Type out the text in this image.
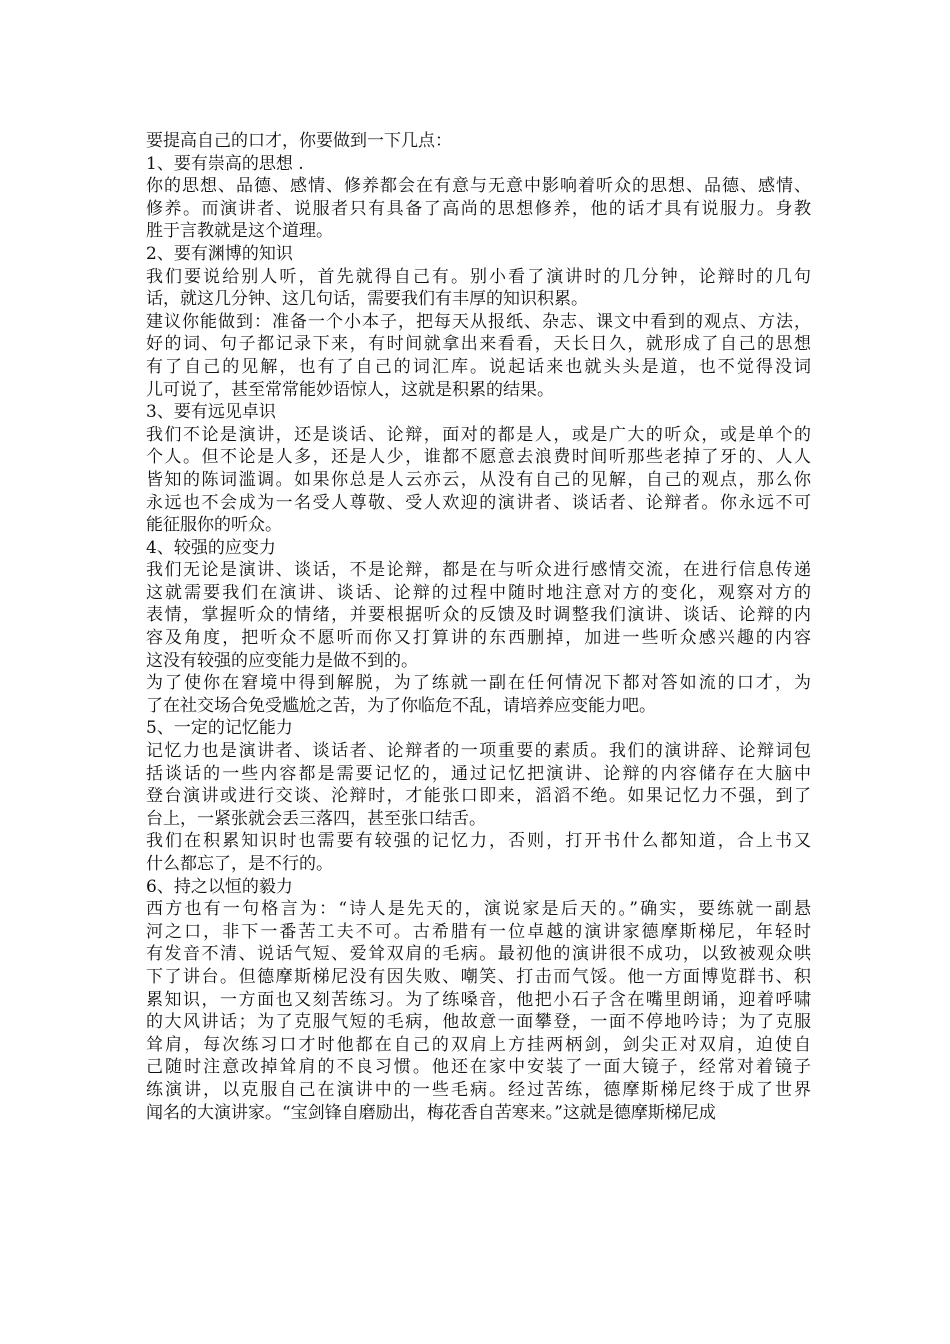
要提高自己的口才，你要做到一下几点：
1、要有崇高的思想 .
你的思想、品德、感情、修养都会在有意与无意中影响着听众的思想、品德、感情、
修养。而演讲者、说服者只有具备了高尚的思想修养，他的话才具有说服力。身教
胜于言教就是这个道理。
2、要有渊博的知识
我们要说给别人听，首先就得自己有。别小看了演讲时的几分钟，论辩时的几句
话，就这几分钟、这几句话，需要我们有丰厚的知识积累。
建议你能做到：准备一个小本子，把每天从报纸、杂志、课文中看到的观点、方法，
好的词、句子都记录下来，有时间就拿出来看看，天长日久，就形成了自己的思想
有了自己的见解，也有了自己的词汇库。说起话来也就头头是道，也不觉得没词
儿可说了，甚至常常能妙语惊人，这就是积累的结果。
3、要有远见卓识
我们不论是演讲，还是谈话、论辩，面对的都是人，或是广大的听众，或是单个的
个人。但不论是人多，还是人少，谁都不愿意去浪费时间听那些老掉了牙的、人人
皆知的陈词滥调。如果你总是人云亦云，从没有自己的见解，自己的观点，那么你
永远也不会成为一名受人尊敬、受人欢迎的演讲者、谈话者、论辩者。你永远不可
能征服你的听众。
4、较强的应变力
我们无论是演讲、谈话，不是论辩，都是在与听众进行感情交流，在进行信息传递
这就需要我们在演讲、谈话、论辩的过程中随时地注意对方的变化，观察对方的
表情，掌握听众的情绪，并要根据听众的反馈及时调整我们演讲、谈话、论辩的内
容及角度，把听众不愿听而你又打算讲的东西删掉，加进一些听众感兴趣的内容
这没有较强的应变能力是做不到的。
为了使你在窘境中得到解脱，为了练就一副在任何情况下都对答如流的口才，为
了在社交场合免受尴尬之苦，为了你临危不乱，请培养应变能力吧。
5、一定的记忆能力
记忆力也是演讲者、谈话者、论辩者的一项重要的素质。我们的演讲辞、论辩词包
括谈话的一些内容都是需要记忆的，通过记忆把演讲、论辩的内容储存在大脑中
登台演讲或进行交谈、沦辩时，才能张口即来，滔滔不绝。如果记忆力不强，到了
台上，一紧张就会丢三落四，甚至张口结舌。
我们在积累知识时也需要有较强的记忆力，否则，打开书什么都知道，合上书又
什么都忘了，是不行的。
6、持之以恒的毅力
西方也有一句格言为：“诗人是先天的，演说家是后天的。”确实，要练就一副悬
河之口，非下一番苦工夫不可。古希腊有一位卓越的演讲家德摩斯梯尼，年轻时
有发音不清、说话气短、爱耸双肩的毛病。最初他的演讲很不成功，以致被观众哄
下了讲台。但德摩斯梯尼没有因失败、嘲笑、打击而气馁。他一方面博览群书、积
累知识，一方面也又刻苦练习。为了练嗓音，他把小石子含在嘴里朗诵，迎着呼啸
的大风讲话；为了克服气短的毛病，他故意一面攀登，一面不停地吟诗；为了克服
耸肩，每次练习口才时他都在自己的双肩上方挂两柄剑，剑尖正对双肩，迫使自
己随时注意改掉耸肩的不良习惯。他还在家中安装了一面大镜子，经常对着镜子
练演讲，以克服自己在演讲中的一些毛病。经过苦练，德摩斯梯尼终于成了世界
闻名的大演讲家。“宝剑锋自磨励出，梅花香自苦寒来。”这就是德摩斯梯尼成
